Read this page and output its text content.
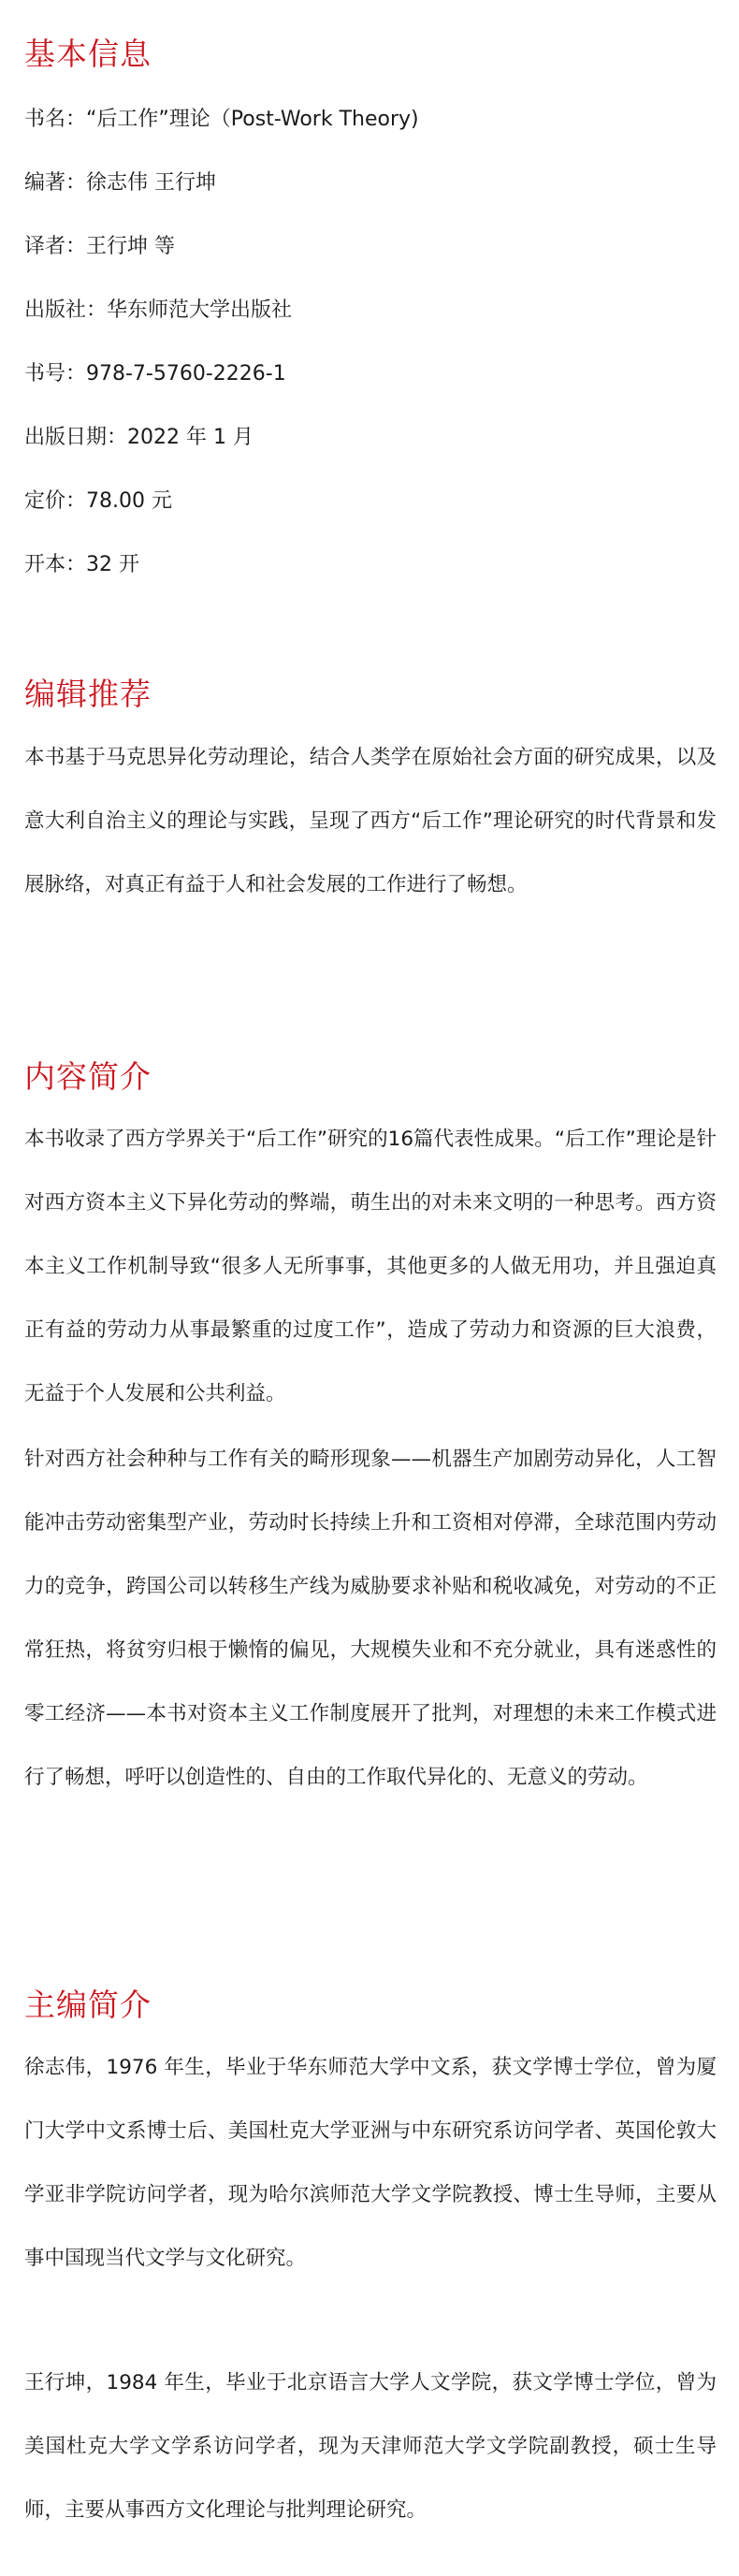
基本信息

书名：“后工作”理论（Post-Work Theory)

编著：徐志伟 王行坤

译者：王行坤 等

出版社：华东师范大学出版社

书号：978-7-5760-2226-1

出版日期：2022 年 1 月

定价：78.00 元

开本：32 开

编辑推荐

本书基于马克思异化劳动理论，结合人类学在原始社会方面的研究成果，以及意大利自治主义的理论与实践，呈现了西方“后工作”理论研究的时代背景和发展脉络，对真正有益于人和社会发展的工作进行了畅想。

内容简介

本书收录了西方学界关于“后工作”研究的16篇代表性成果。“后工作”理论是针对西方资本主义下异化劳动的弊端，萌生出的对未来文明的一种思考。西方资本主义工作机制导致“很多人无所事事，其他更多的人做无用功，并且强迫真正有益的劳动力从事最繁重的过度工作”，造成了劳动力和资源的巨大浪费，无益于个人发展和公共利益。

针对西方社会种种与工作有关的畸形现象——机器生产加剧劳动异化，人工智能冲击劳动密集型产业，劳动时长持续上升和工资相对停滞，全球范围内劳动力的竞争，跨国公司以转移生产线为威胁要求补贴和税收减免，对劳动的不正常狂热，将贫穷归根于懒惰的偏见，大规模失业和不充分就业，具有迷惑性的零工经济——本书对资本主义工作制度展开了批判，对理想的未来工作模式进行了畅想，呼吁以创造性的、自由的工作取代异化的、无意义的劳动。

主编简介

徐志伟，1976 年生，毕业于华东师范大学中文系，获文学博士学位，曾为厦门大学中文系博士后、美国杜克大学亚洲与中东研究系访问学者、英国伦敦大学亚非学院访问学者，现为哈尔滨师范大学文学院教授、博士生导师，主要从事中国现当代文学与文化研究。

王行坤，1984 年生，毕业于北京语言大学人文学院，获文学博士学位，曾为美国杜克大学文学系访问学者，现为天津师范大学文学院副教授，硕士生导师，主要从事西方文化理论与批判理论研究。
